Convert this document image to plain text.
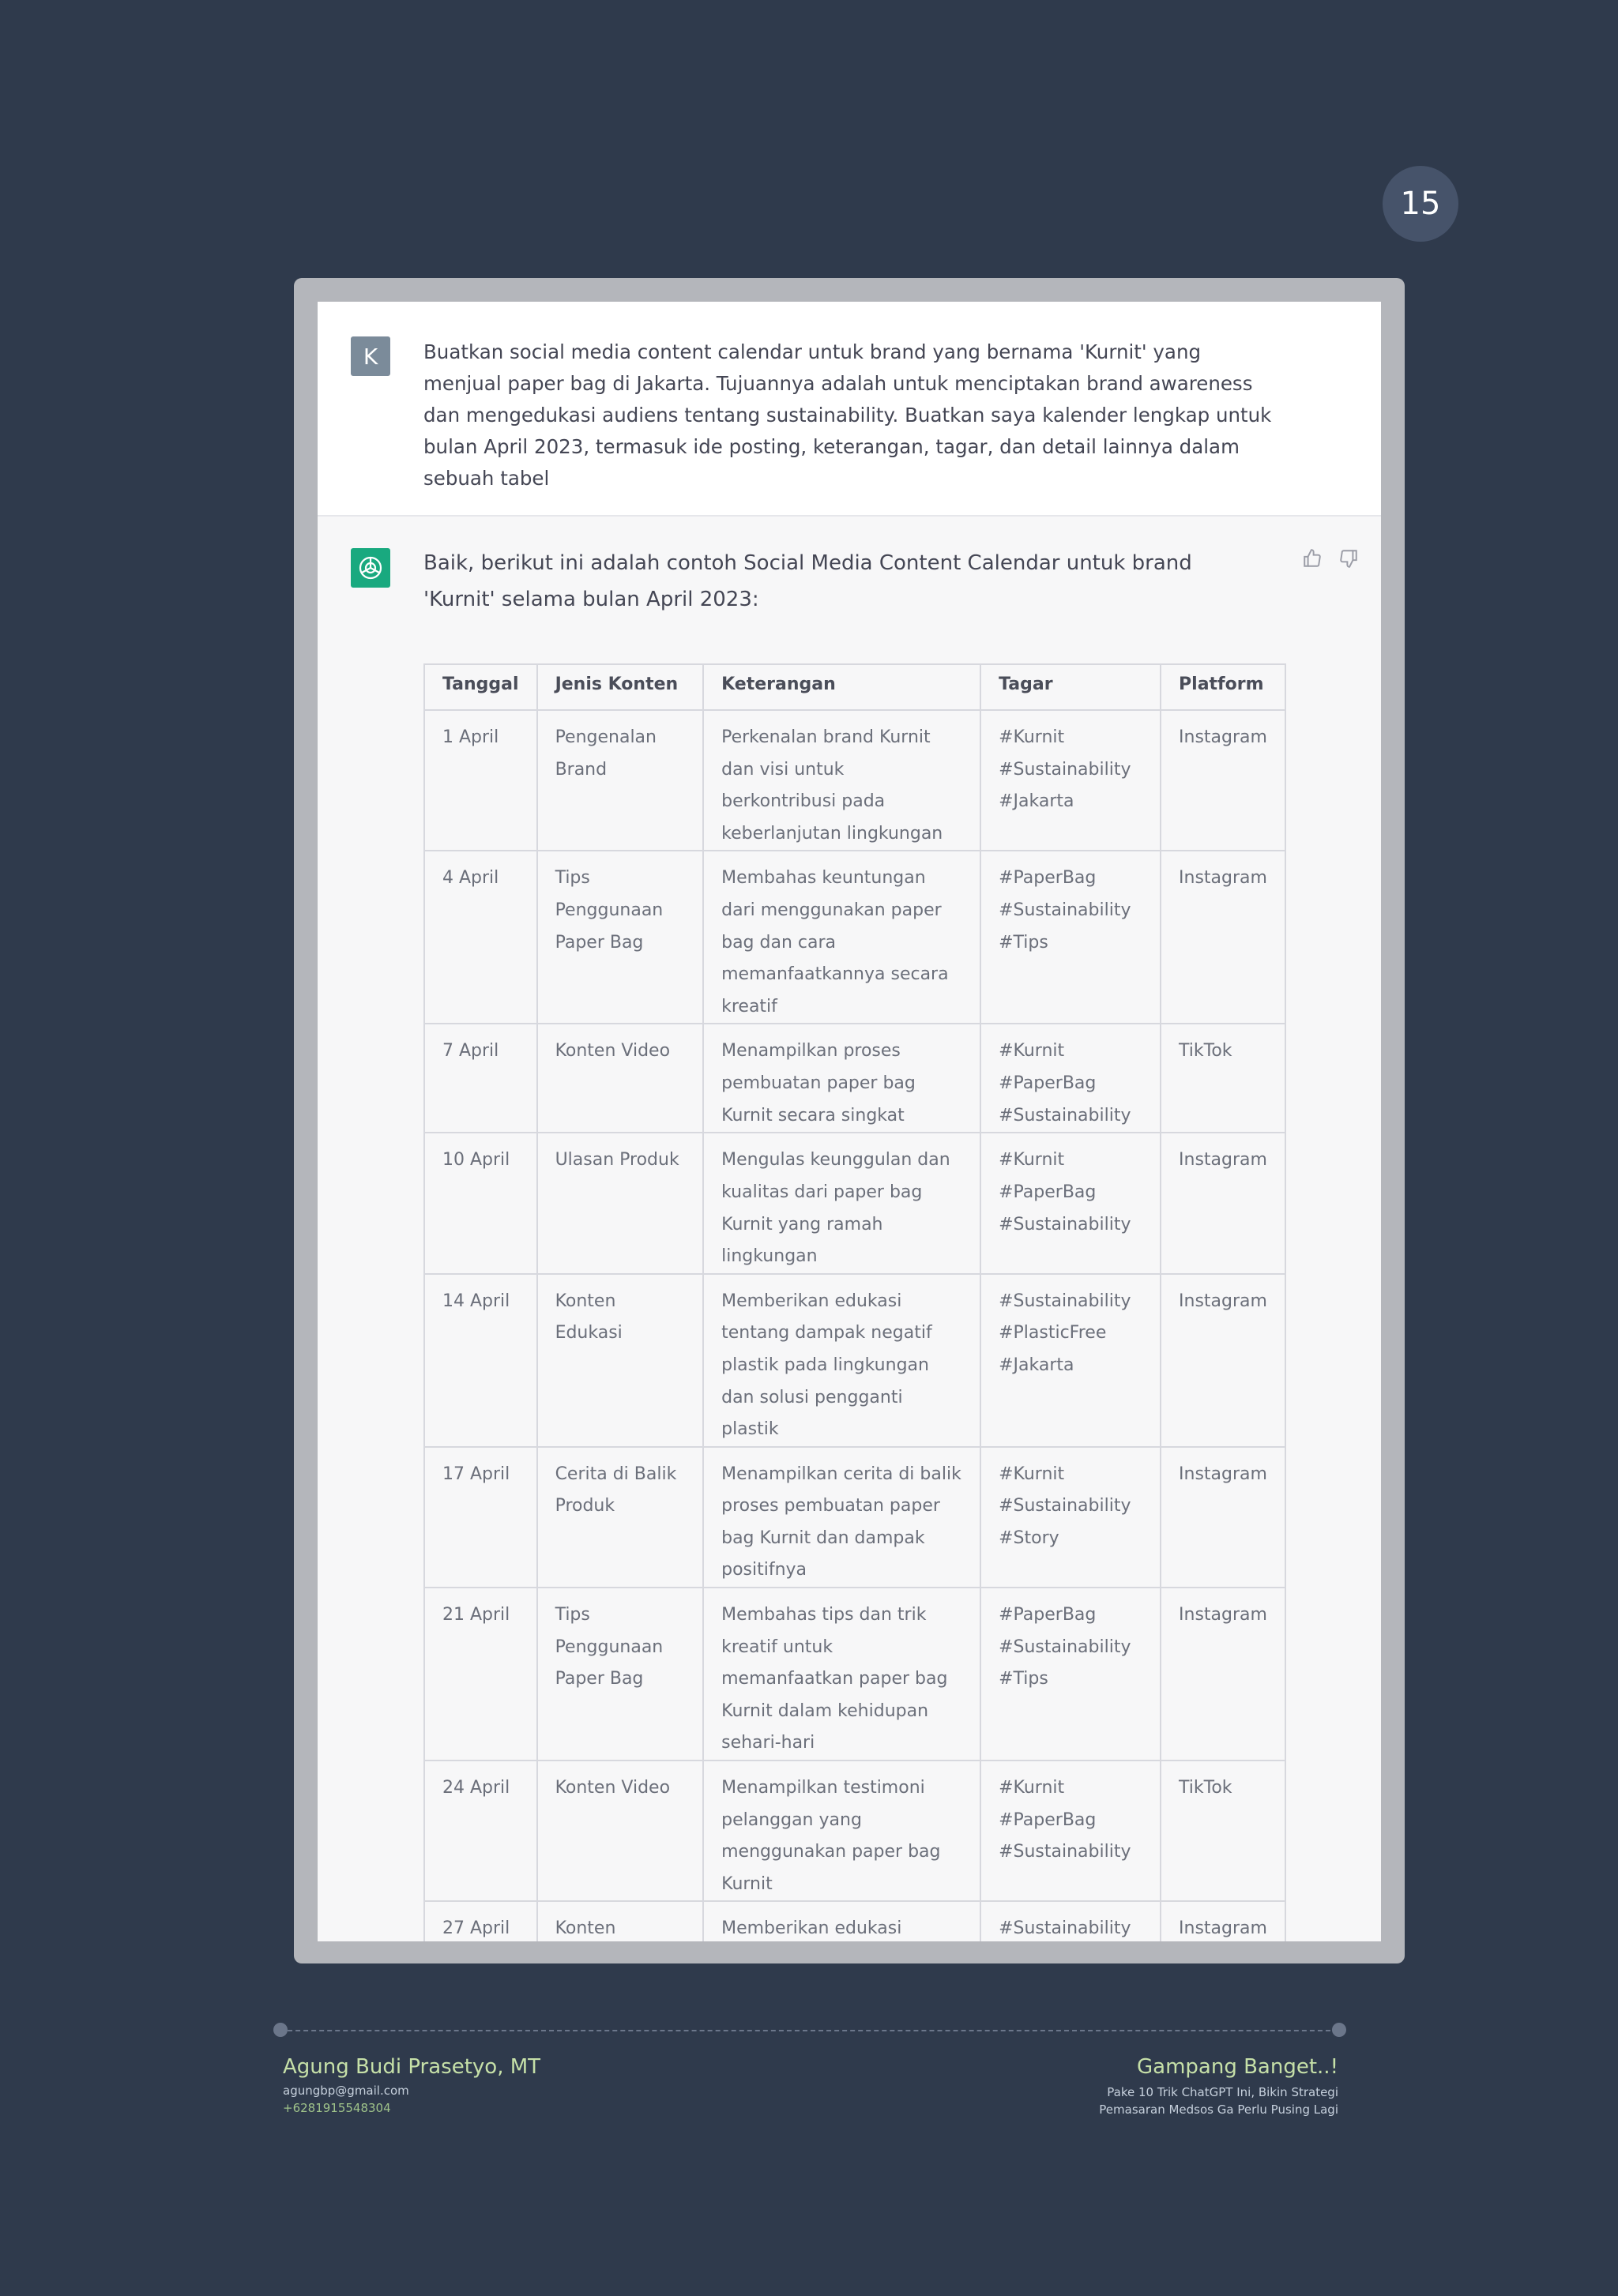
15
K	Buatkan social media content calendar untuk brand yang bernama 'Kurnit' yang menjual paper bag di Jakarta. Tujuannya adalah untuk menciptakan brand awareness dan mengedukasi audiens tentang sustainability. Buatkan saya kalender lengkap untuk bulan April 2023, termasuk ide posting, keterangan, tagar, dan detail lainnya dalam sebuah tabel

Baik, berikut ini adalah contoh Social Media Content Calendar untuk brand 'Kurnit' selama bulan April 2023:

Tanggal	Jenis Konten	Keterangan	Tagar	Platform
1 April	Pengenalan Brand	Perkenalan brand Kurnit dan visi untuk berkontribusi pada keberlanjutan lingkungan	#Kurnit #Sustainability #Jakarta	Instagram
4 April	Tips Penggunaan Paper Bag	Membahas keuntungan dari menggunakan paper bag dan cara memanfaatkannya secara kreatif	#PaperBag #Sustainability #Tips	Instagram
7 April	Konten Video	Menampilkan proses pembuatan paper bag Kurnit secara singkat	#Kurnit #PaperBag #Sustainability	TikTok
10 April	Ulasan Produk	Mengulas keunggulan dan kualitas dari paper bag Kurnit yang ramah lingkungan	#Kurnit #PaperBag #Sustainability	Instagram
14 April	Konten Edukasi	Memberikan edukasi tentang dampak negatif plastik pada lingkungan dan solusi pengganti plastik	#Sustainability #PlasticFree #Jakarta	Instagram
17 April	Cerita di Balik Produk	Menampilkan cerita di balik proses pembuatan paper bag Kurnit dan dampak positifnya	#Kurnit #Sustainability #Story	Instagram
21 April	Tips Penggunaan Paper Bag	Membahas tips dan trik kreatif untuk memanfaatkan paper bag Kurnit dalam kehidupan sehari-hari	#PaperBag #Sustainability #Tips	Instagram
24 April	Konten Video	Menampilkan testimoni pelanggan yang menggunakan paper bag Kurnit	#Kurnit #PaperBag #Sustainability	TikTok
27 April	Konten	Memberikan edukasi	#Sustainability	Instagram

Agung Budi Prasetyo, MT
agungbp@gmail.com
+6281915548304
Gampang Banget..!
Pake 10 Trik ChatGPT Ini, Bikin Strategi
Pemasaran Medsos Ga Perlu Pusing Lagi
